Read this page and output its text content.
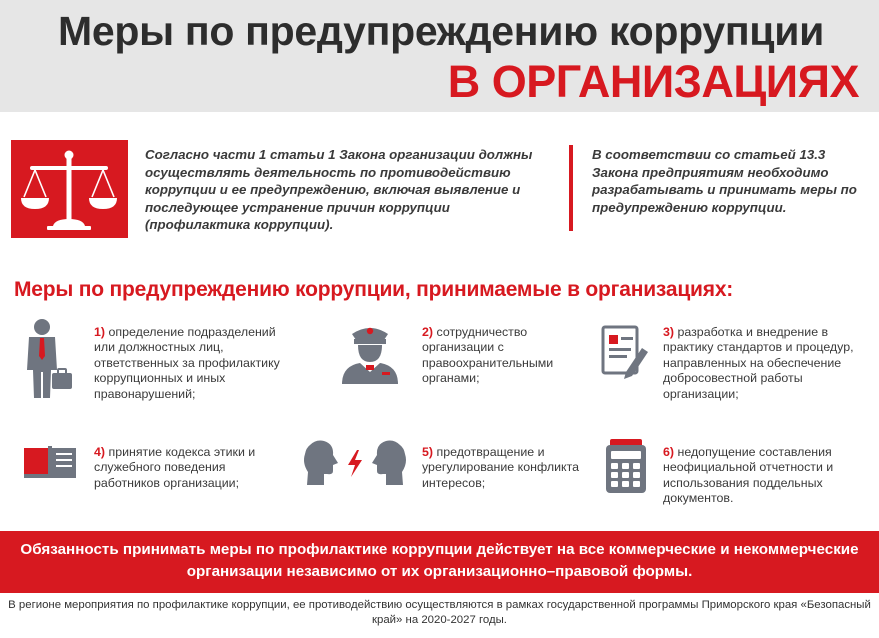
Меры по предупреждению коррупции
В ОРГАНИЗАЦИЯХ
Согласно части 1 статьи 1 Закона организации должны осуществлять деятельность по противодействию коррупции и ее предупреждению, включая выявление и последующее устранение причин коррупции (профилактика коррупции).
В соответствии со статьей 13.3 Закона предприятиям необходимо разрабатывать и принимать меры по предупреждению коррупции.
Меры по предупреждению коррупции, принимаемые в организациях:
1) определение подразделений или должностных лиц, ответственных за профилактику коррупционных и иных правонарушений;
2) сотрудничество организации с правоохранительными органами;
3) разработка и внедрение в практику стандартов и процедур, направленных на обеспечение добросовестной работы организации;
4) принятие кодекса этики и служебного поведения работников организации;
5) предотвращение и урегулирование конфликта интересов;
6) недопущение составления неофициальной отчетности и использования поддельных документов.
Обязанность принимать меры по профилактике коррупции действует на все коммерческие и некоммерческие организации независимо от их организационно–правовой формы.
В регионе мероприятия по профилактике коррупции, ее противодействию осуществляются в рамках государственной программы Приморского края «Безопасный край» на 2020-2027 годы.
